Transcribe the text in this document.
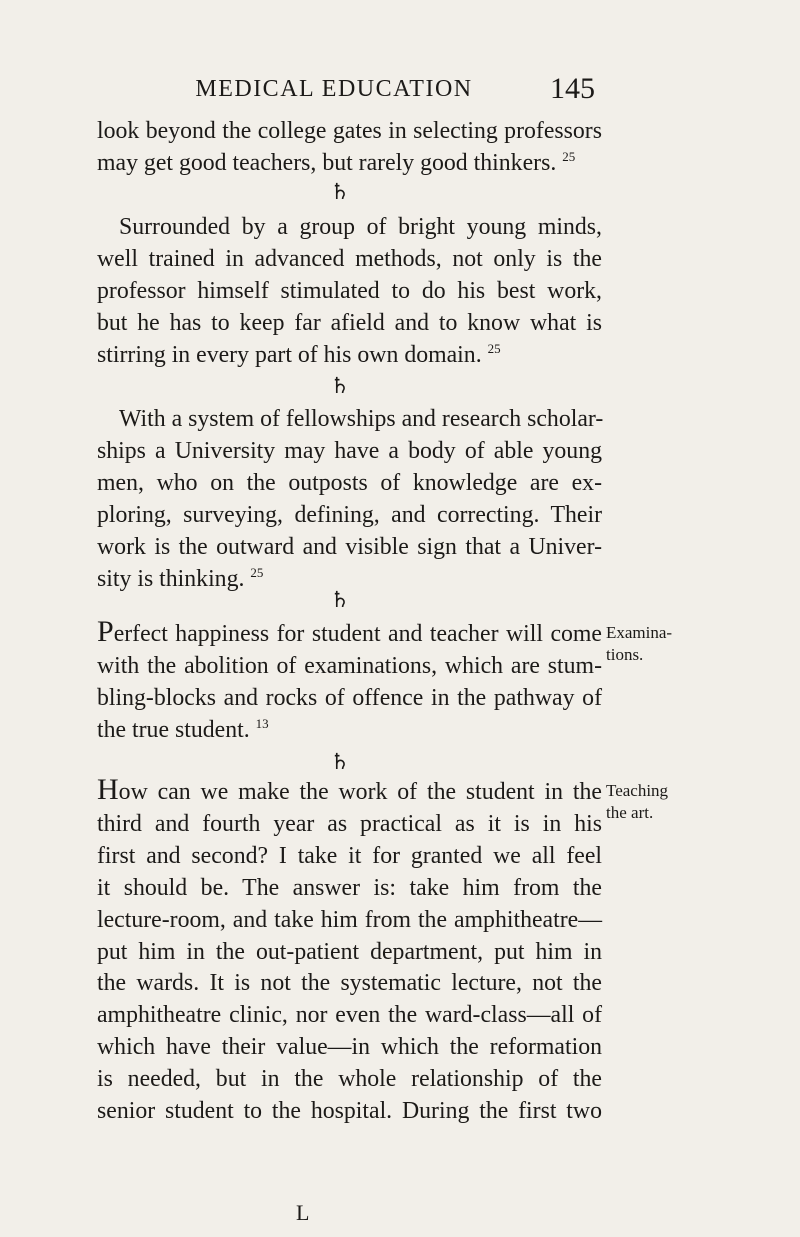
MEDICAL EDUCATION	145
look beyond the college gates in selecting professors
may get good teachers, but rarely good thinkers. $^{25}$
♄
Surrounded by a group of bright young minds,
well trained in advanced methods, not only is the
professor himself stimulated to do his best work,
but he has to keep far afield and to know what is
stirring in every part of his own domain. $^{25}$
♄
With a system of fellowships and research scholar-
ships a University may have a body of able young
men, who on the outposts of knowledge are ex-
ploring, surveying, defining, and correcting. Their
work is the outward and visible sign that a Univer-
sity is thinking. $^{25}$
♄
Perfect happiness for student and teacher will come
with the abolition of examinations, which are stum-
bling-blocks and rocks of offence in the pathway of
the true student. $^{13}$
♄
Examina-
tions.
How can we make the work of the student in the
third and fourth year as practical as it is in his
first and second? I take it for granted we all feel
it should be. The answer is: take him from the
lecture-room, and take him from the amphitheatre—
put him in the out-patient department, put him in
the wards. It is not the systematic lecture, not the
amphitheatre clinic, nor even the ward-class—all of
which have their value—in which the reformation
is needed, but in the whole relationship of the
senior student to the hospital. During the first two
Teaching
the art.
L
